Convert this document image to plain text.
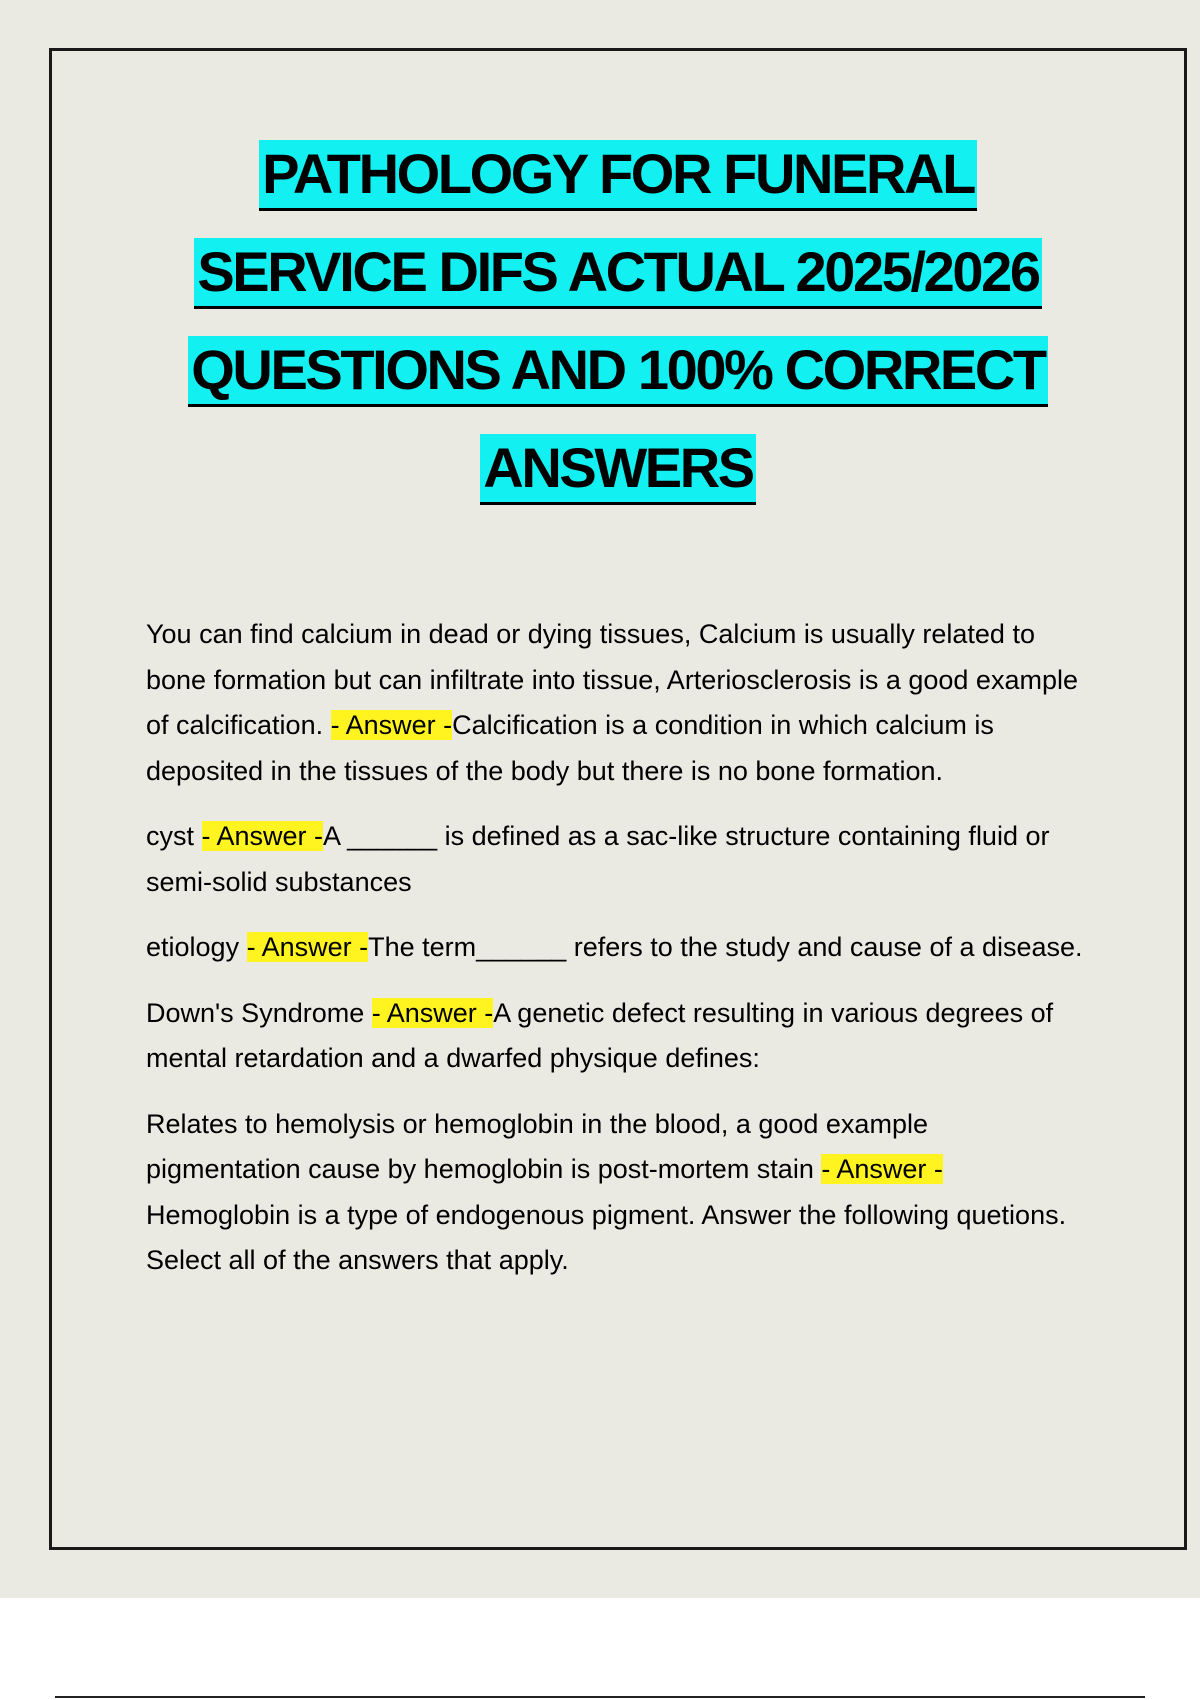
PATHOLOGY FOR FUNERAL
SERVICE DIFS ACTUAL 2025/2026
QUESTIONS AND 100% CORRECT
ANSWERS

You can find calcium in dead or dying tissues, Calcium is usually related to bone formation but can infiltrate into tissue, Arteriosclerosis is a good example of calcification. - Answer -Calcification is a condition in which calcium is deposited in the tissues of the body but there is no bone formation.

cyst - Answer -A ______ is defined as a sac-like structure containing fluid or semi-solid substances

etiology - Answer -The term______ refers to the study and cause of a disease.

Down's Syndrome - Answer -A genetic defect resulting in various degrees of mental retardation and a dwarfed physique defines:

Relates to hemolysis or hemoglobin in the blood, a good example pigmentation cause by hemoglobin is post-mortem stain - Answer -Hemoglobin is a type of endogenous pigment. Answer the following quetions. Select all of the answers that apply.
